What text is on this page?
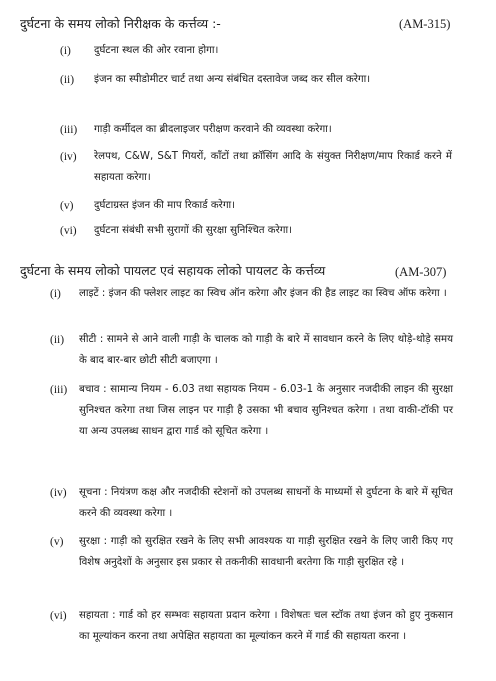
दुर्घटना के समय लोको निरीक्षक के कर्त्तव्य :-	(AM-315)
(i) दुर्घटना स्थल की ओर रवाना होगा।
(ii) इंजन का स्पीडोमीटर चार्ट तथा अन्य संबंधित दस्तावेज जब्द कर सील करेगा।
(iii) गाड़ी कर्मीदल का ब्रीदलाइजर परीक्षण करवाने की व्यवस्था करेगा।
(iv) रेलपथ, C&W, S&T गियरों, काँटों तथा क्रॉसिंग आदि के संयुक्त निरीक्षण/माप रिकार्ड करने में सहायता करेगा।
(v) दुर्घटाग्रस्त इंजन की माप रिकार्ड करेगा।
(vi) दुर्घटना संबंधी सभी सुरागों की सुरक्षा सुनिश्चित करेगा।
दुर्घटना के समय लोको पायलट एवं सहायक लोको पायलट के कर्त्तव्य	(AM-307)
(i) लाइटें : इंजन की फ्लेशर लाइट का स्विच ऑन करेगा और इंजन की हैड लाइट का स्विच ऑफ करेगा ।
(ii) सीटी : सामने से आने वाली गाड़ी के चालक को गाड़ी के बारे में सावधान करने के लिए थोड़े-थोड़े समय के बाद बार-बार छोटी सीटी बजाएगा ।
(iii) बचाव : सामान्य नियम - 6.03 तथा सहायक नियम - 6.03-1 के अनुसार नजदीकी लाइन की सुरक्षा सुनिश्चत करेगा तथा जिस लाइन पर गाड़ी है उसका भी बचाव सुनिश्चत करेगा । तथा वाकी-टॉकी पर या अन्य उपलब्ध साधन द्वारा गार्ड को सूचित करेगा ।
(iv) सूचना : नियंत्रण कक्ष और नजदीकी स्टेशनों को उपलब्ध साधनों के माध्यमों से दुर्घटना के बारे में सूचित करने की व्यवस्था करेगा ।
(v) सुरक्षा : गाड़ी को सुरक्षित रखने के लिए सभी आवश्यक या गाड़ी सुरक्षित रखने के लिए जारी किए गए विशेष अनुदेशों के अनुसार इस प्रकार से तकनीकी सावधानी बरतेगा कि गाड़ी सुरक्षित रहे ।
(vi) सहायता : गार्ड को हर सम्भवः सहायता प्रदान करेगा । विशेषतः चल स्टॉक तथा इंजन को हुए नुकसान का मूल्यांकन करना तथा अपेक्षित सहायता का मूल्यांकन करने में गार्ड की सहायता करना ।
